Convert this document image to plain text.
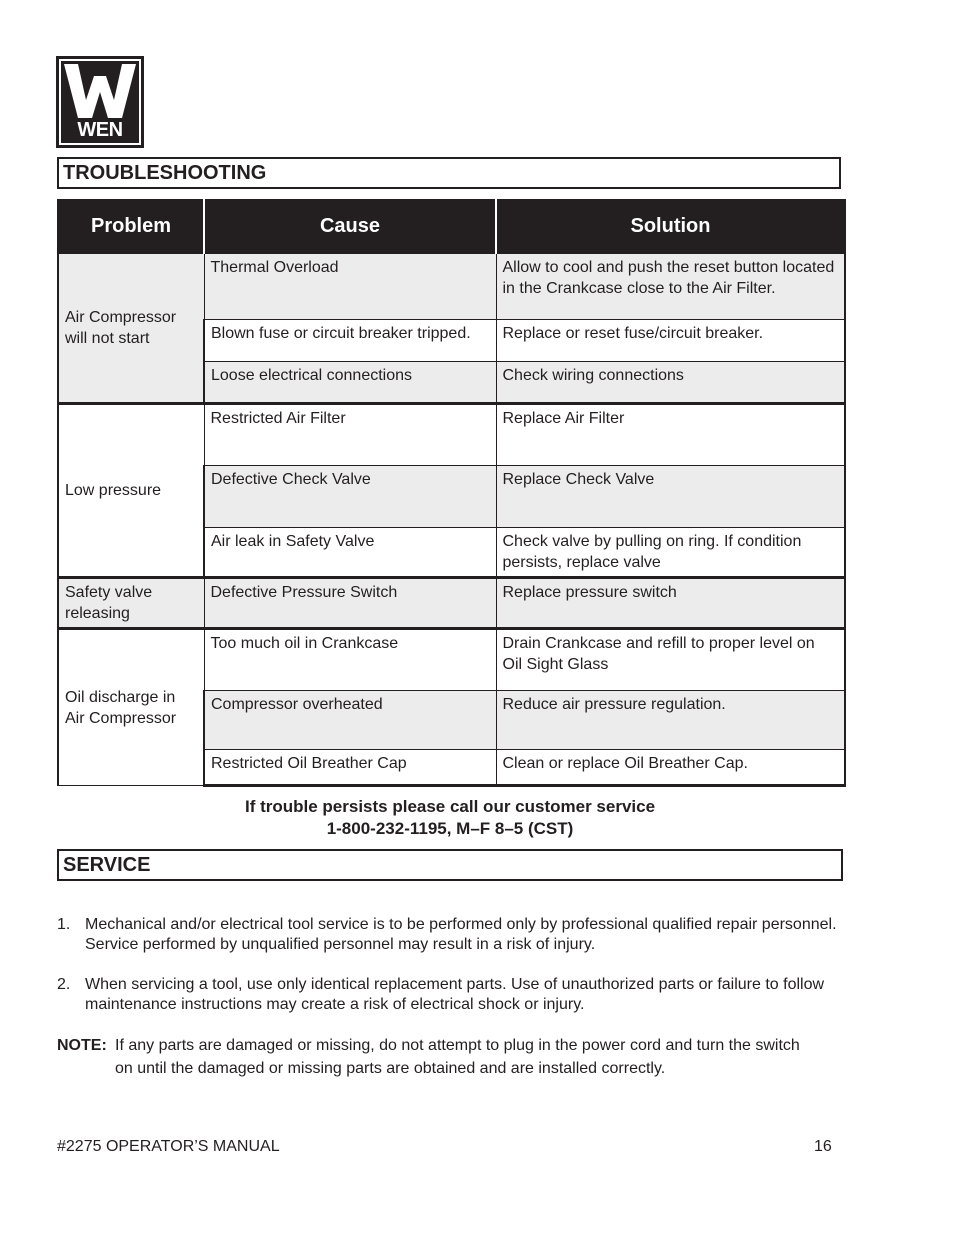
WEN
TROUBLESHOOTING
Problem	Cause	Solution
Air Compressor will not start	Thermal Overload	Allow to cool and push the reset button located in the Crankcase close to the Air Filter.
	Blown fuse or circuit breaker tripped.	Replace or reset fuse/circuit breaker.
	Loose electrical connections	Check wiring connections
Low pressure	Restricted Air Filter	Replace Air Filter
	Defective Check Valve	Replace Check Valve
	Air leak in Safety Valve	Check valve by pulling on ring. If condition persists, replace valve
Safety valve releasing	Defective Pressure Switch	Replace pressure switch
Oil discharge in Air Compressor	Too much oil in Crankcase	Drain Crankcase and refill to proper level on Oil Sight Glass
	Compressor overheated	Reduce air pressure regulation.
	Restricted Oil Breather Cap	Clean or replace Oil Breather Cap.
If trouble persists please call our customer service
1-800-232-1195, M–F 8–5 (CST)
SERVICE
1. Mechanical and/or electrical tool service is to be performed only by professional qualified repair personnel. Service performed by unqualified personnel may result in a risk of injury.
2. When servicing a tool, use only identical replacement parts. Use of unauthorized parts or failure to follow maintenance instructions may create a risk of electrical shock or injury.
NOTE: If any parts are damaged or missing, do not attempt to plug in the power cord and turn the switch on until the damaged or missing parts are obtained and are installed correctly.
#2275 OPERATOR’S MANUAL	16
